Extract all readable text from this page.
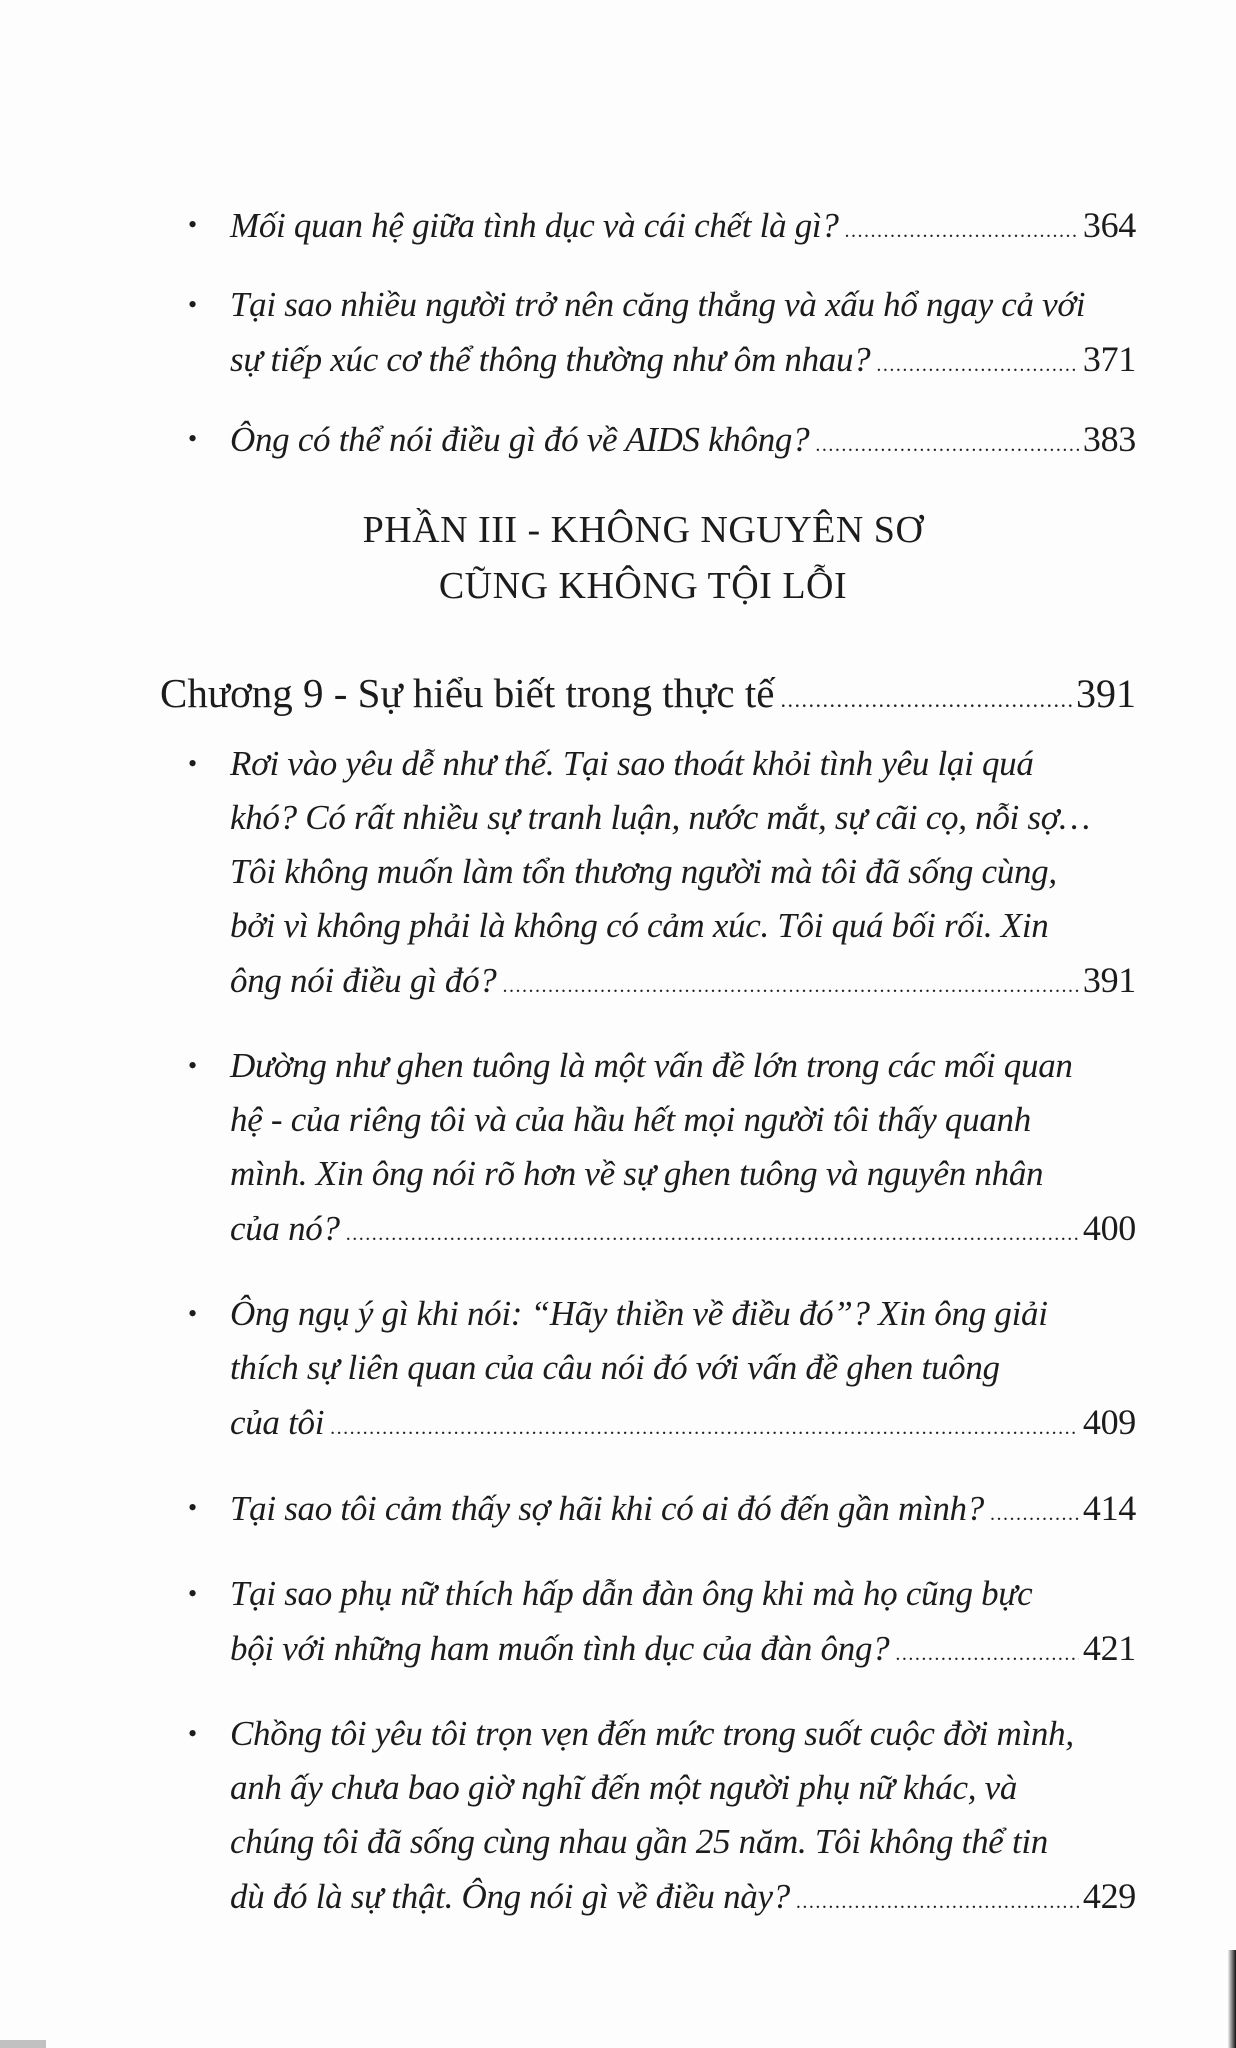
• Mối quan hệ giữa tình dục và cái chết là gì? .....	364
• Tại sao nhiều người trở nên căng thẳng và xấu hổ ngay cả với
sự tiếp xúc cơ thể thông thường như ôm nhau? .....	371
• Ông có thể nói điều gì đó về AIDS không? .....	383
PHẦN III - KHÔNG NGUYÊN SƠ
CŨNG KHÔNG TỘI LỖI
Chương 9 - Sự hiểu biết trong thực tế .....	391
• Rơi vào yêu dễ như thế. Tại sao thoát khỏi tình yêu lại quá
khó? Có rất nhiều sự tranh luận, nước mắt, sự cãi cọ, nỗi sợ…
Tôi không muốn làm tổn thương người mà tôi đã sống cùng,
bởi vì không phải là không có cảm xúc. Tôi quá bối rối. Xin
ông nói điều gì đó? .....	391
• Dường như ghen tuông là một vấn đề lớn trong các mối quan
hệ - của riêng tôi và của hầu hết mọi người tôi thấy quanh
mình. Xin ông nói rõ hơn về sự ghen tuông và nguyên nhân
của nó? .....	400
• Ông ngụ ý gì khi nói: “Hãy thiền về điều đó”? Xin ông giải
thích sự liên quan của câu nói đó với vấn đề ghen tuông
của tôi .....	409
• Tại sao tôi cảm thấy sợ hãi khi có ai đó đến gần mình? .....	414
• Tại sao phụ nữ thích hấp dẫn đàn ông khi mà họ cũng bực
bội với những ham muốn tình dục của đàn ông? .....	421
• Chồng tôi yêu tôi trọn vẹn đến mức trong suốt cuộc đời mình,
anh ấy chưa bao giờ nghĩ đến một người phụ nữ khác, và
chúng tôi đã sống cùng nhau gần 25 năm. Tôi không thể tin
dù đó là sự thật. Ông nói gì về điều này? .....	429
